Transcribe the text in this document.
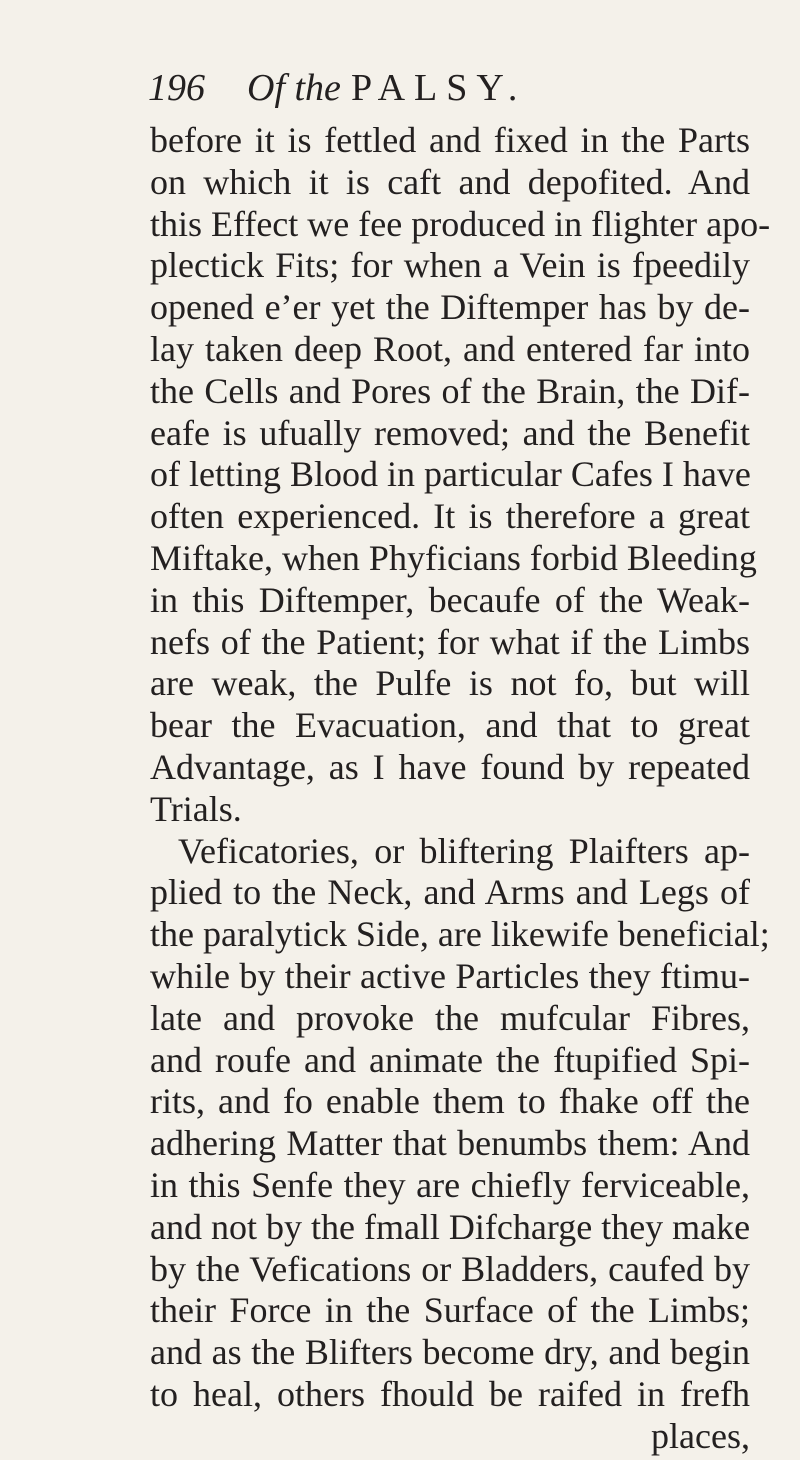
196 Of the PALSY.
before it is fettled and fixed in the Parts
on which it is caft and depofited. And
this Effect we fee produced in flighter apo-
plectick Fits; for when a Vein is fpeedily
opened e’er yet the Diftemper has by de-
lay taken deep Root, and entered far into
the Cells and Pores of the Brain, the Dif-
eafe is ufually removed; and the Benefit
of letting Blood in particular Cafes I have
often experienced. It is therefore a great
Miftake, when Phyficians forbid Bleeding
in this Diftemper, becaufe of the Weak-
nefs of the Patient; for what if the Limbs
are weak, the Pulfe is not fo, but will
bear the Evacuation, and that to great
Advantage, as I have found by repeated
Trials.
Veficatories, or bliftering Plaifters ap-
plied to the Neck, and Arms and Legs of
the paralytick Side, are likewife beneficial;
while by their active Particles they ftimu-
late and provoke the mufcular Fibres,
and roufe and animate the ftupified Spi-
rits, and fo enable them to fhake off the
adhering Matter that benumbs them: And
in this Senfe they are chiefly ferviceable,
and not by the fmall Difcharge they make
by the Vefications or Bladders, caufed by
their Force in the Surface of the Limbs;
and as the Blifters become dry, and begin
to heal, others fhould be raifed in frefh
places,
